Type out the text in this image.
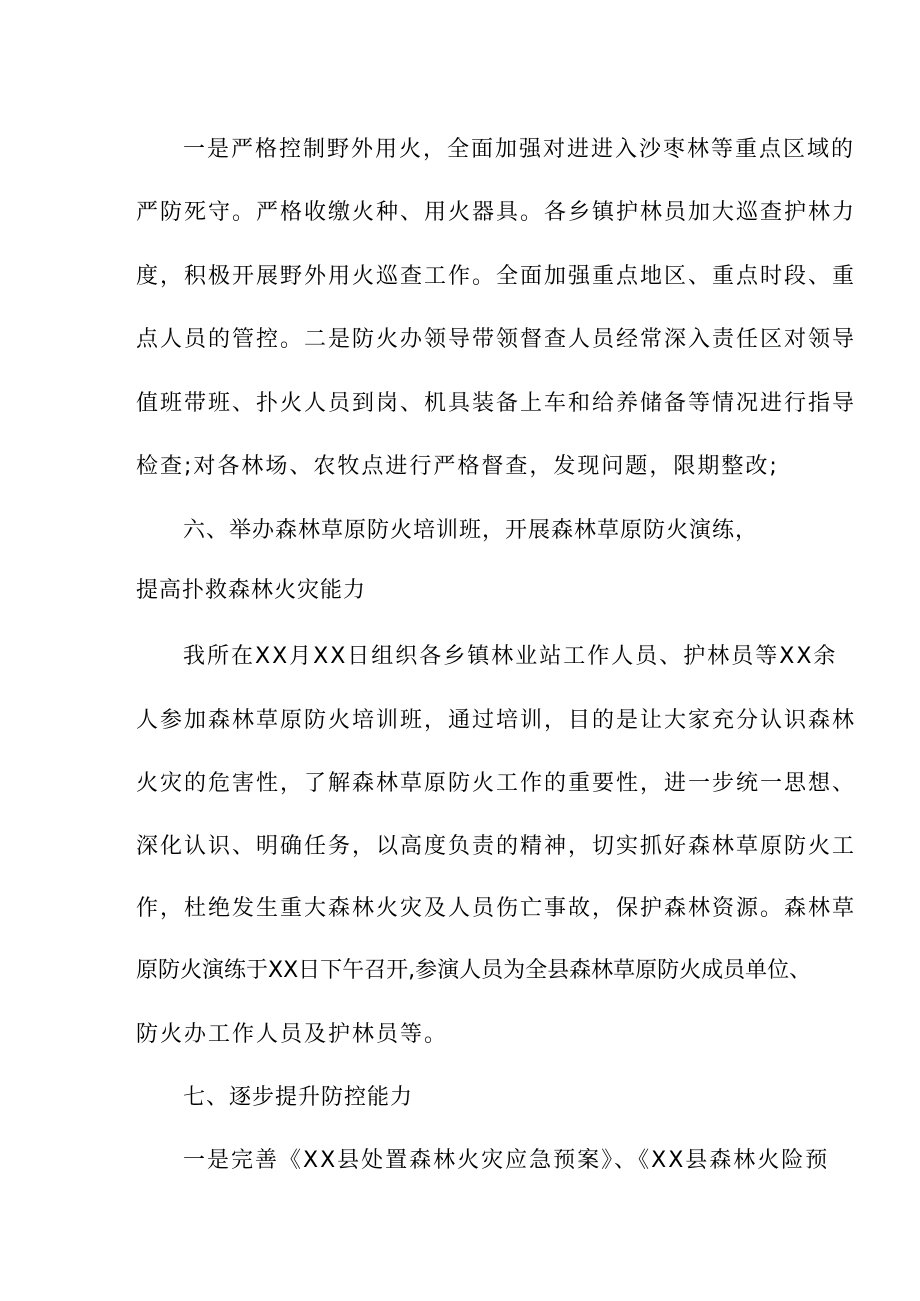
一是严格控制野外用火，全面加强对进进入沙枣林等重点区域的
严防死守。严格收缴火种、用火器具。各乡镇护林员加大巡查护林力
度，积极开展野外用火巡查工作。全面加强重点地区、重点时段、重
点人员的管控。二是防火办领导带领督查人员经常深入责任区对领导
值班带班、扑火人员到岗、机具装备上车和给养储备等情况进行指导
检查;对各林场、农牧点进行严格督查，发现问题，限期整改;
六、举办森林草原防火培训班，开展森林草原防火演练，
提高扑救森林火灾能力
我所在XX月XX日组织各乡镇林业站工作人员、护林员等XX余
人参加森林草原防火培训班，通过培训，目的是让大家充分认识森林
火灾的危害性，了解森林草原防火工作的重要性，进一步统一思想、
深化认识、明确任务，以高度负责的精神，切实抓好森林草原防火工
作，杜绝发生重大森林火灾及人员伤亡事故，保护森林资源。森林草
原防火演练于XX日下午召开,参演人员为全县森林草原防火成员单位、
防火办工作人员及护林员等。
七、逐步提升防控能力
一是完善《XX县处置森林火灾应急预案》、《XX县森林火险预
